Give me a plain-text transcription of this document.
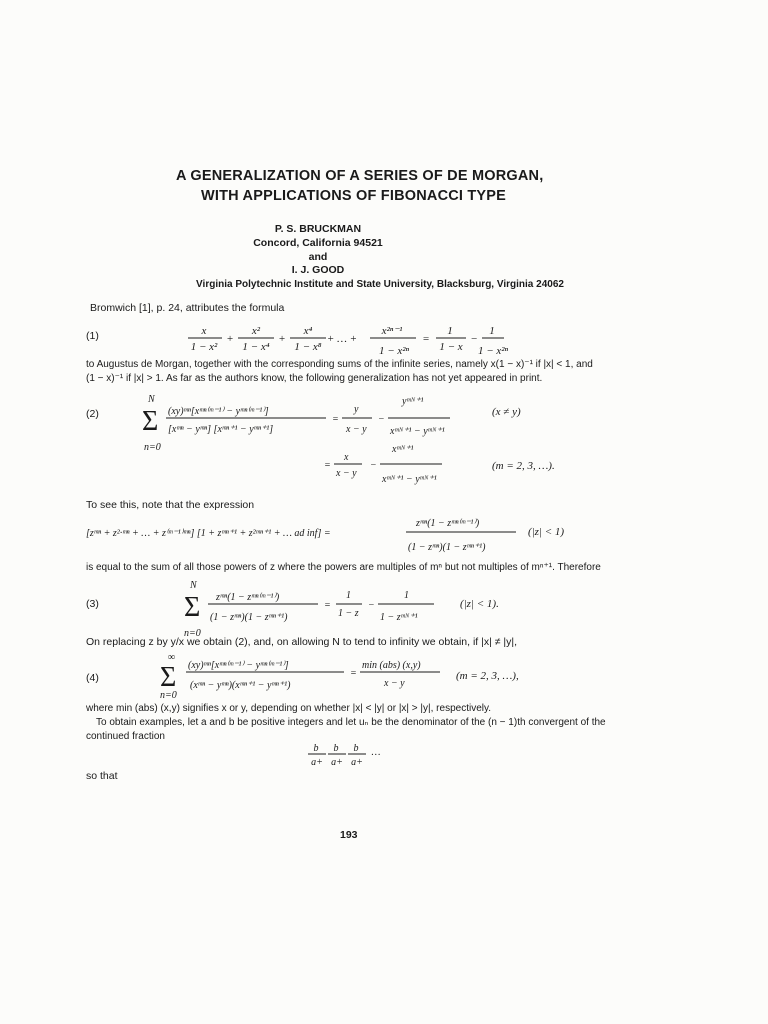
A GENERALIZATION OF A SERIES OF DE MORGAN,
WITH APPLICATIONS OF FIBONACCI TYPE
P. S. BRUCKMAN
Concord, California 94521
and
I. J. GOOD
Virginia Polytechnic Institute and State University, Blacksburg, Virginia 24062
Bromwich [1], p. 24, attributes the formula
(1)	x
1 − x²
+
x²
1 − x⁴
+
x⁴
1 − x⁸
+ … +
x²ⁿ⁻¹
1 − x²ⁿ
=
1
1 − x
−
1
1 − x²ⁿ
to Augustus de Morgan, together with the corresponding sums of the infinite series, namely x(1 − x)⁻¹ if |x| < 1, and
(1 − x)⁻¹ if |x| > 1. As far as the authors know, the following generalization has not yet appeared in print.
(2)
N
Σ
n=0
(xy)ᵐⁿ[xᵐⁿ⁽ᵐ⁻¹⁾ − yᵐⁿ⁽ᵐ⁻¹⁾]
[xᵐⁿ − yᵐⁿ] [xᵐⁿ⁺¹ − yᵐⁿ⁺¹]
=
y
x − y
−
yᵐᴺ⁺¹
xᵐᴺ⁺¹ − yᵐᴺ⁺¹
=
x
x − y
−
xᵐᴺ⁺¹
xᵐᴺ⁺¹ − yᵐᴺ⁺¹
(x ≠ y)
(m = 2, 3, …).
To see this, note that the expression
[zᵐⁿ + z²·ᵐⁿ + … + z⁽ᵐ⁻¹⁾ᵐⁿ] [1 + zᵐⁿ⁺¹ + z²ᵐⁿ⁺¹ + … ad inf] =
zᵐⁿ(1 − zᵐⁿ⁽ᵐ⁻¹⁾)
(1 − zᵐⁿ)(1 − zᵐⁿ⁺¹)
(|z| < 1)
is equal to the sum of all those powers of z where the powers are multiples of mⁿ but not multiples of mⁿ⁺¹. Therefore
(3)
N
Σ
n=0
zᵐⁿ(1 − zᵐⁿ⁽ᵐ⁻¹⁾)
(1 − zᵐⁿ)(1 − zᵐⁿ⁺¹)
=
1
1 − z
−
1
1 − zᵐᴺ⁺¹
(|z| < 1).
On replacing z by y/x we obtain (2), and, on allowing N to tend to infinity we obtain, if |x| ≠ |y|,
(4)
∞
Σ
n=0
(xy)ᵐⁿ[xᵐⁿ⁽ᵐ⁻¹⁾ − yᵐⁿ⁽ᵐ⁻¹⁾]
(xᵐⁿ − yᵐⁿ)(xᵐⁿ⁺¹ − yᵐⁿ⁺¹)
=
min (abs) (x,y)
x − y
(m = 2, 3, …),
where min (abs) (x,y) signifies x or y, depending on whether |x| < |y| or |x| > |y|, respectively.
To obtain examples, let a and b be positive integers and let uₙ be the denominator of the (n − 1)th convergent of the
continued fraction
b
a+
b
a+
b
a+
…
so that
193
